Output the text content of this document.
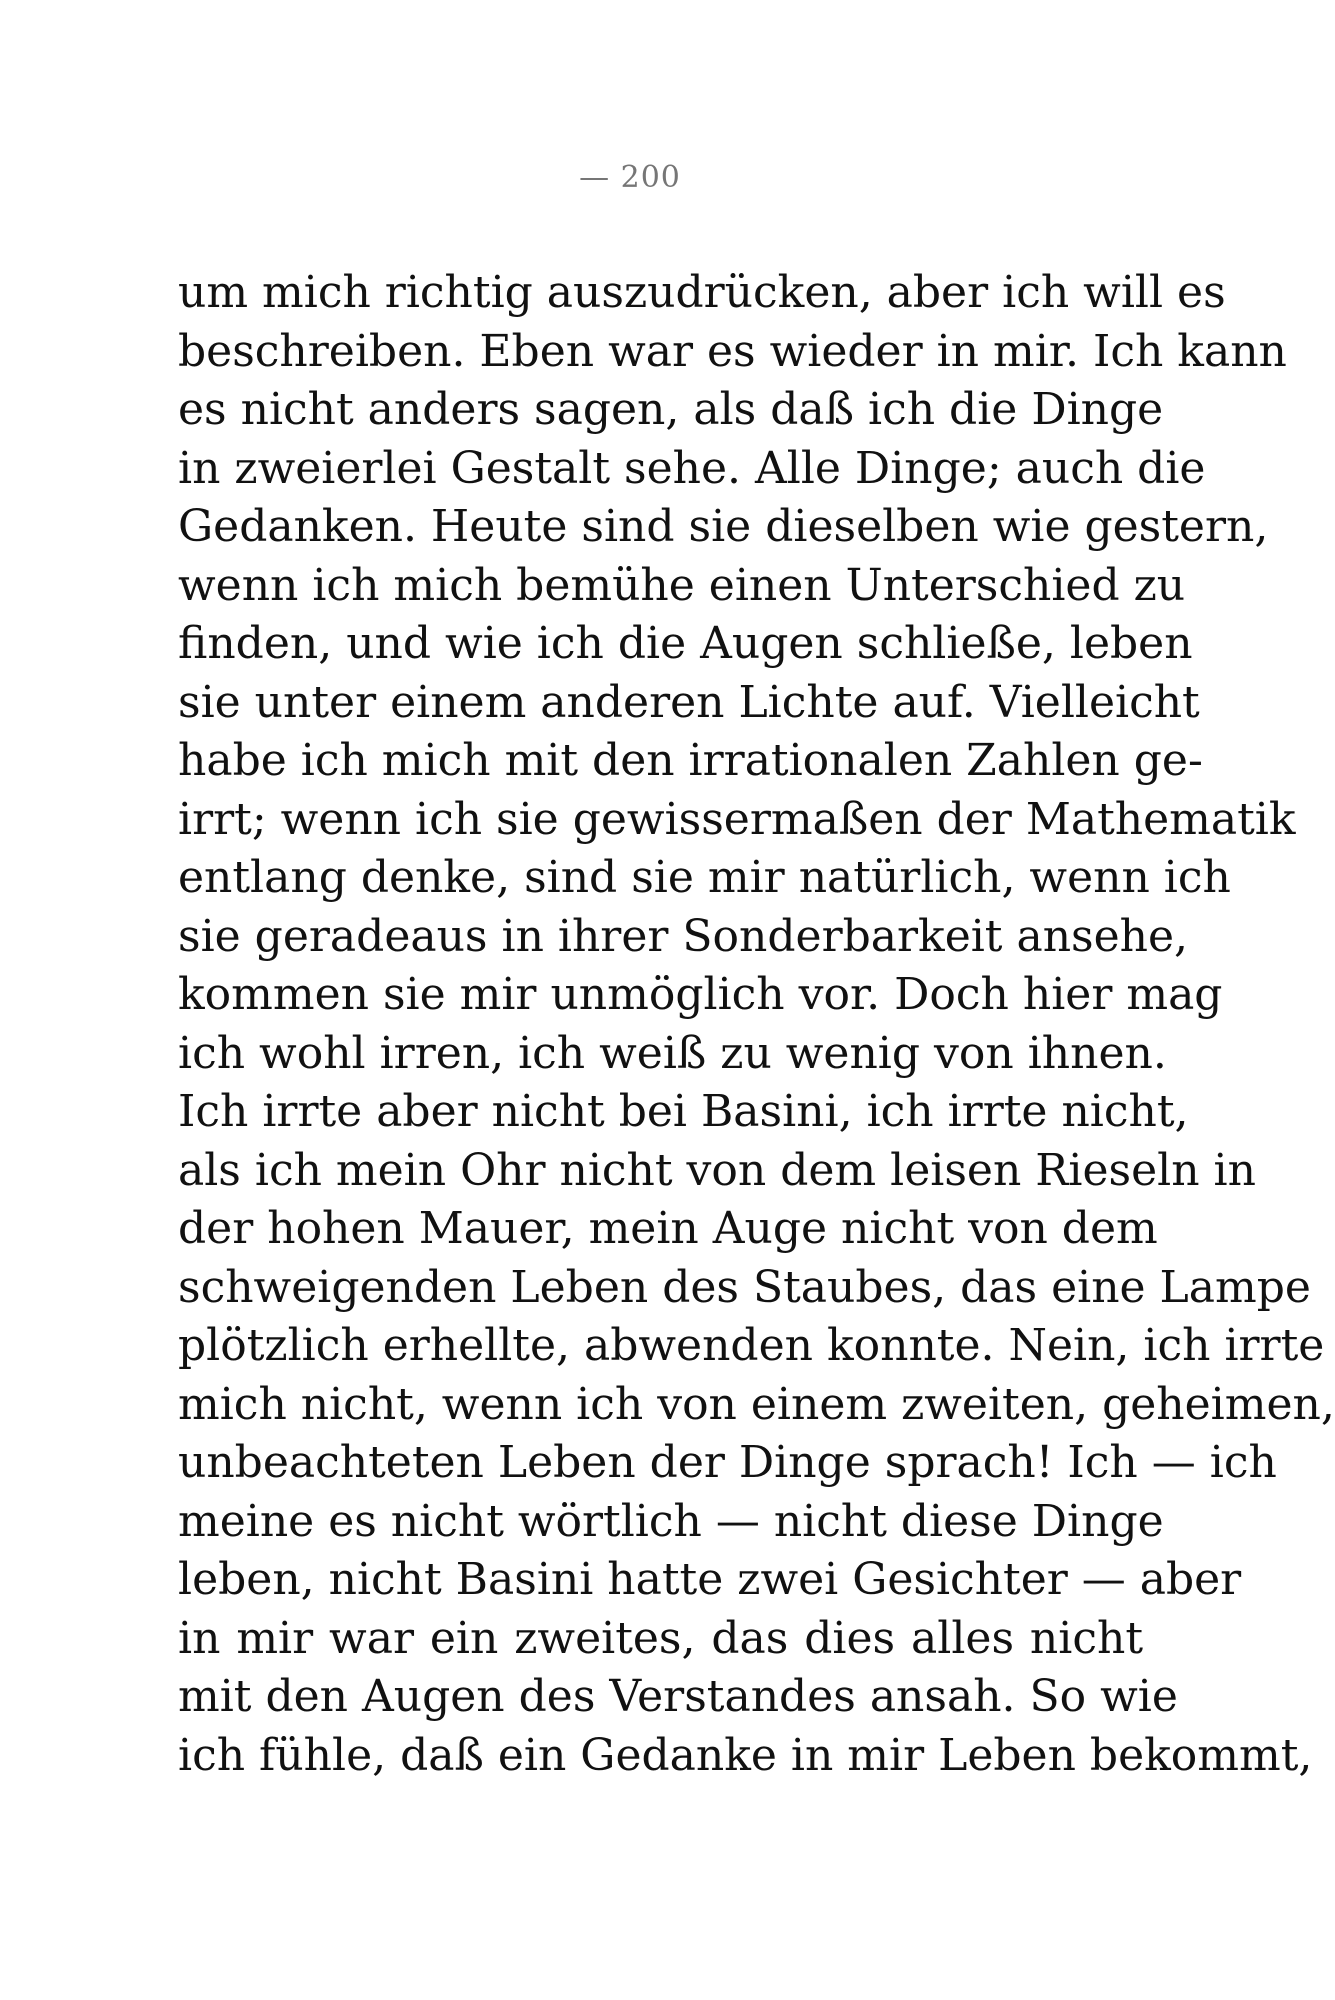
— 200
um mich richtig auszudrücken, aber ich will es
beschreiben. Eben war es wieder in mir. Ich kann
es nicht anders sagen, als daß ich die Dinge
in zweierlei Gestalt sehe. Alle Dinge; auch die
Gedanken. Heute sind sie dieselben wie gestern,
wenn ich mich bemühe einen Unterschied zu
finden, und wie ich die Augen schließe, leben
sie unter einem anderen Lichte auf. Vielleicht
habe ich mich mit den irrationalen Zahlen ge-
irrt; wenn ich sie gewissermaßen der Mathematik
entlang denke, sind sie mir natürlich, wenn ich
sie geradeaus in ihrer Sonderbarkeit ansehe,
kommen sie mir unmöglich vor. Doch hier mag
ich wohl irren, ich weiß zu wenig von ihnen.
Ich irrte aber nicht bei Basini, ich irrte nicht,
als ich mein Ohr nicht von dem leisen Rieseln in
der hohen Mauer, mein Auge nicht von dem
schweigenden Leben des Staubes, das eine Lampe
plötzlich erhellte, abwenden konnte. Nein, ich irrte
mich nicht, wenn ich von einem zweiten, geheimen,
unbeachteten Leben der Dinge sprach! Ich — ich
meine es nicht wörtlich — nicht diese Dinge
leben, nicht Basini hatte zwei Gesichter — aber
in mir war ein zweites, das dies alles nicht
mit den Augen des Verstandes ansah. So wie
ich fühle, daß ein Gedanke in mir Leben bekommt,
